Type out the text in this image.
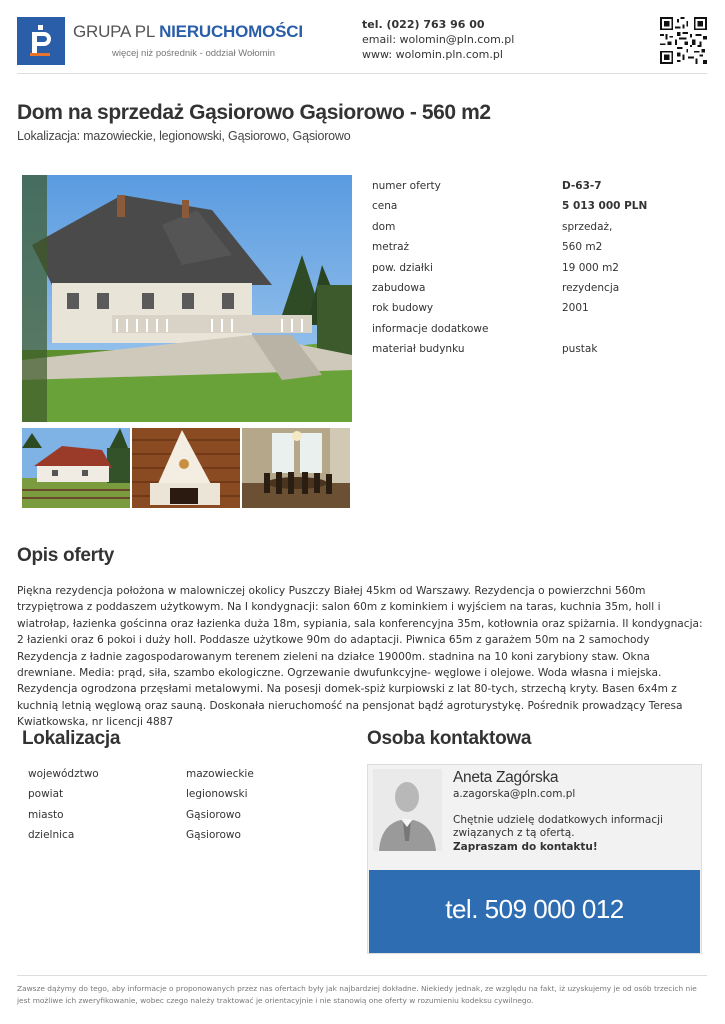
GRUPA PL NIERUCHOMOŚCI
więcej niż pośrednik - oddział Wołomin
tel. (022) 763 96 00
email: wolomin@pln.com.pl
www: wolomin.pln.com.pl
Dom na sprzedaż Gąsiorowo Gąsiorowo - 560 m2
Lokalizacja: mazowieckie, legionowski, Gąsiorowo, Gąsiorowo
numer oferty	D-63-7
cena	5 013 000 PLN
dom	sprzedaż,
metraż	560 m2
pow. działki	19 000 m2
zabudowa	rezydencja
rok budowy	2001
informacje dodatkowe
materiał budynku	pustak
Opis oferty

Piękna rezydencja położona w malowniczej okolicy Puszczy Białej 45km od Warszawy. Rezydencja o powierzchni 560m trzypiętrowa z poddaszem użytkowym. Na I kondygnacji: salon 60m z kominkiem i wyjściem na taras, kuchnia 35m, holl i wiatrołap, łazienka gościnna oraz łazienka duża 18m, sypiania, sala konferencyjna 35m, kotłownia oraz spiżarnia. II kondygnacja: 2 łazienki oraz 6 pokoi i duży holl. Poddasze użytkowe 90m do adaptacji. Piwnica 65m z garażem 50m na 2 samochody Rezydencja z ładnie zagospodarowanym terenem zieleni na działce 19000m. stadnina na 10 koni zarybiony staw. Okna drewniane. Media: prąd, siła, szambo ekologiczne. Ogrzewanie dwufunkcyjne- węglowe i olejowe. Woda własna i miejska. Rezydencja ogrodzona przęsłami metalowymi. Na posesji domek-spiż kurpiowski z lat 80-tych, strzechą kryty. Basen 6x4m z kuchnią letnią węglową oraz sauną. Doskonała nieruchomość na pensjonat bądź agroturystykę. Pośrednik prowadzący Teresa Kwiatkowska, nr licencji 4887

Lokalizacja
województwo	mazowieckie
powiat	legionowski
miasto	Gąsiorowo
dzielnica	Gąsiorowo
Osoba kontaktowa
Aneta Zagórska
a.zagorska@pln.com.pl
Chętnie udzielę dodatkowych informacji związanych z tą ofertą.
Zapraszam do kontaktu!
tel. 509 000 012
Zawsze dążymy do tego, aby informacje o proponowanych przez nas ofertach były jak najbardziej dokładne. Niekiedy jednak, ze względu na fakt, iż uzyskujemy je od osób trzecich nie jest możliwe ich zweryfikowanie, wobec czego należy traktować je orientacyjnie i nie stanowią one oferty w rozumieniu kodeksu cywilnego.
